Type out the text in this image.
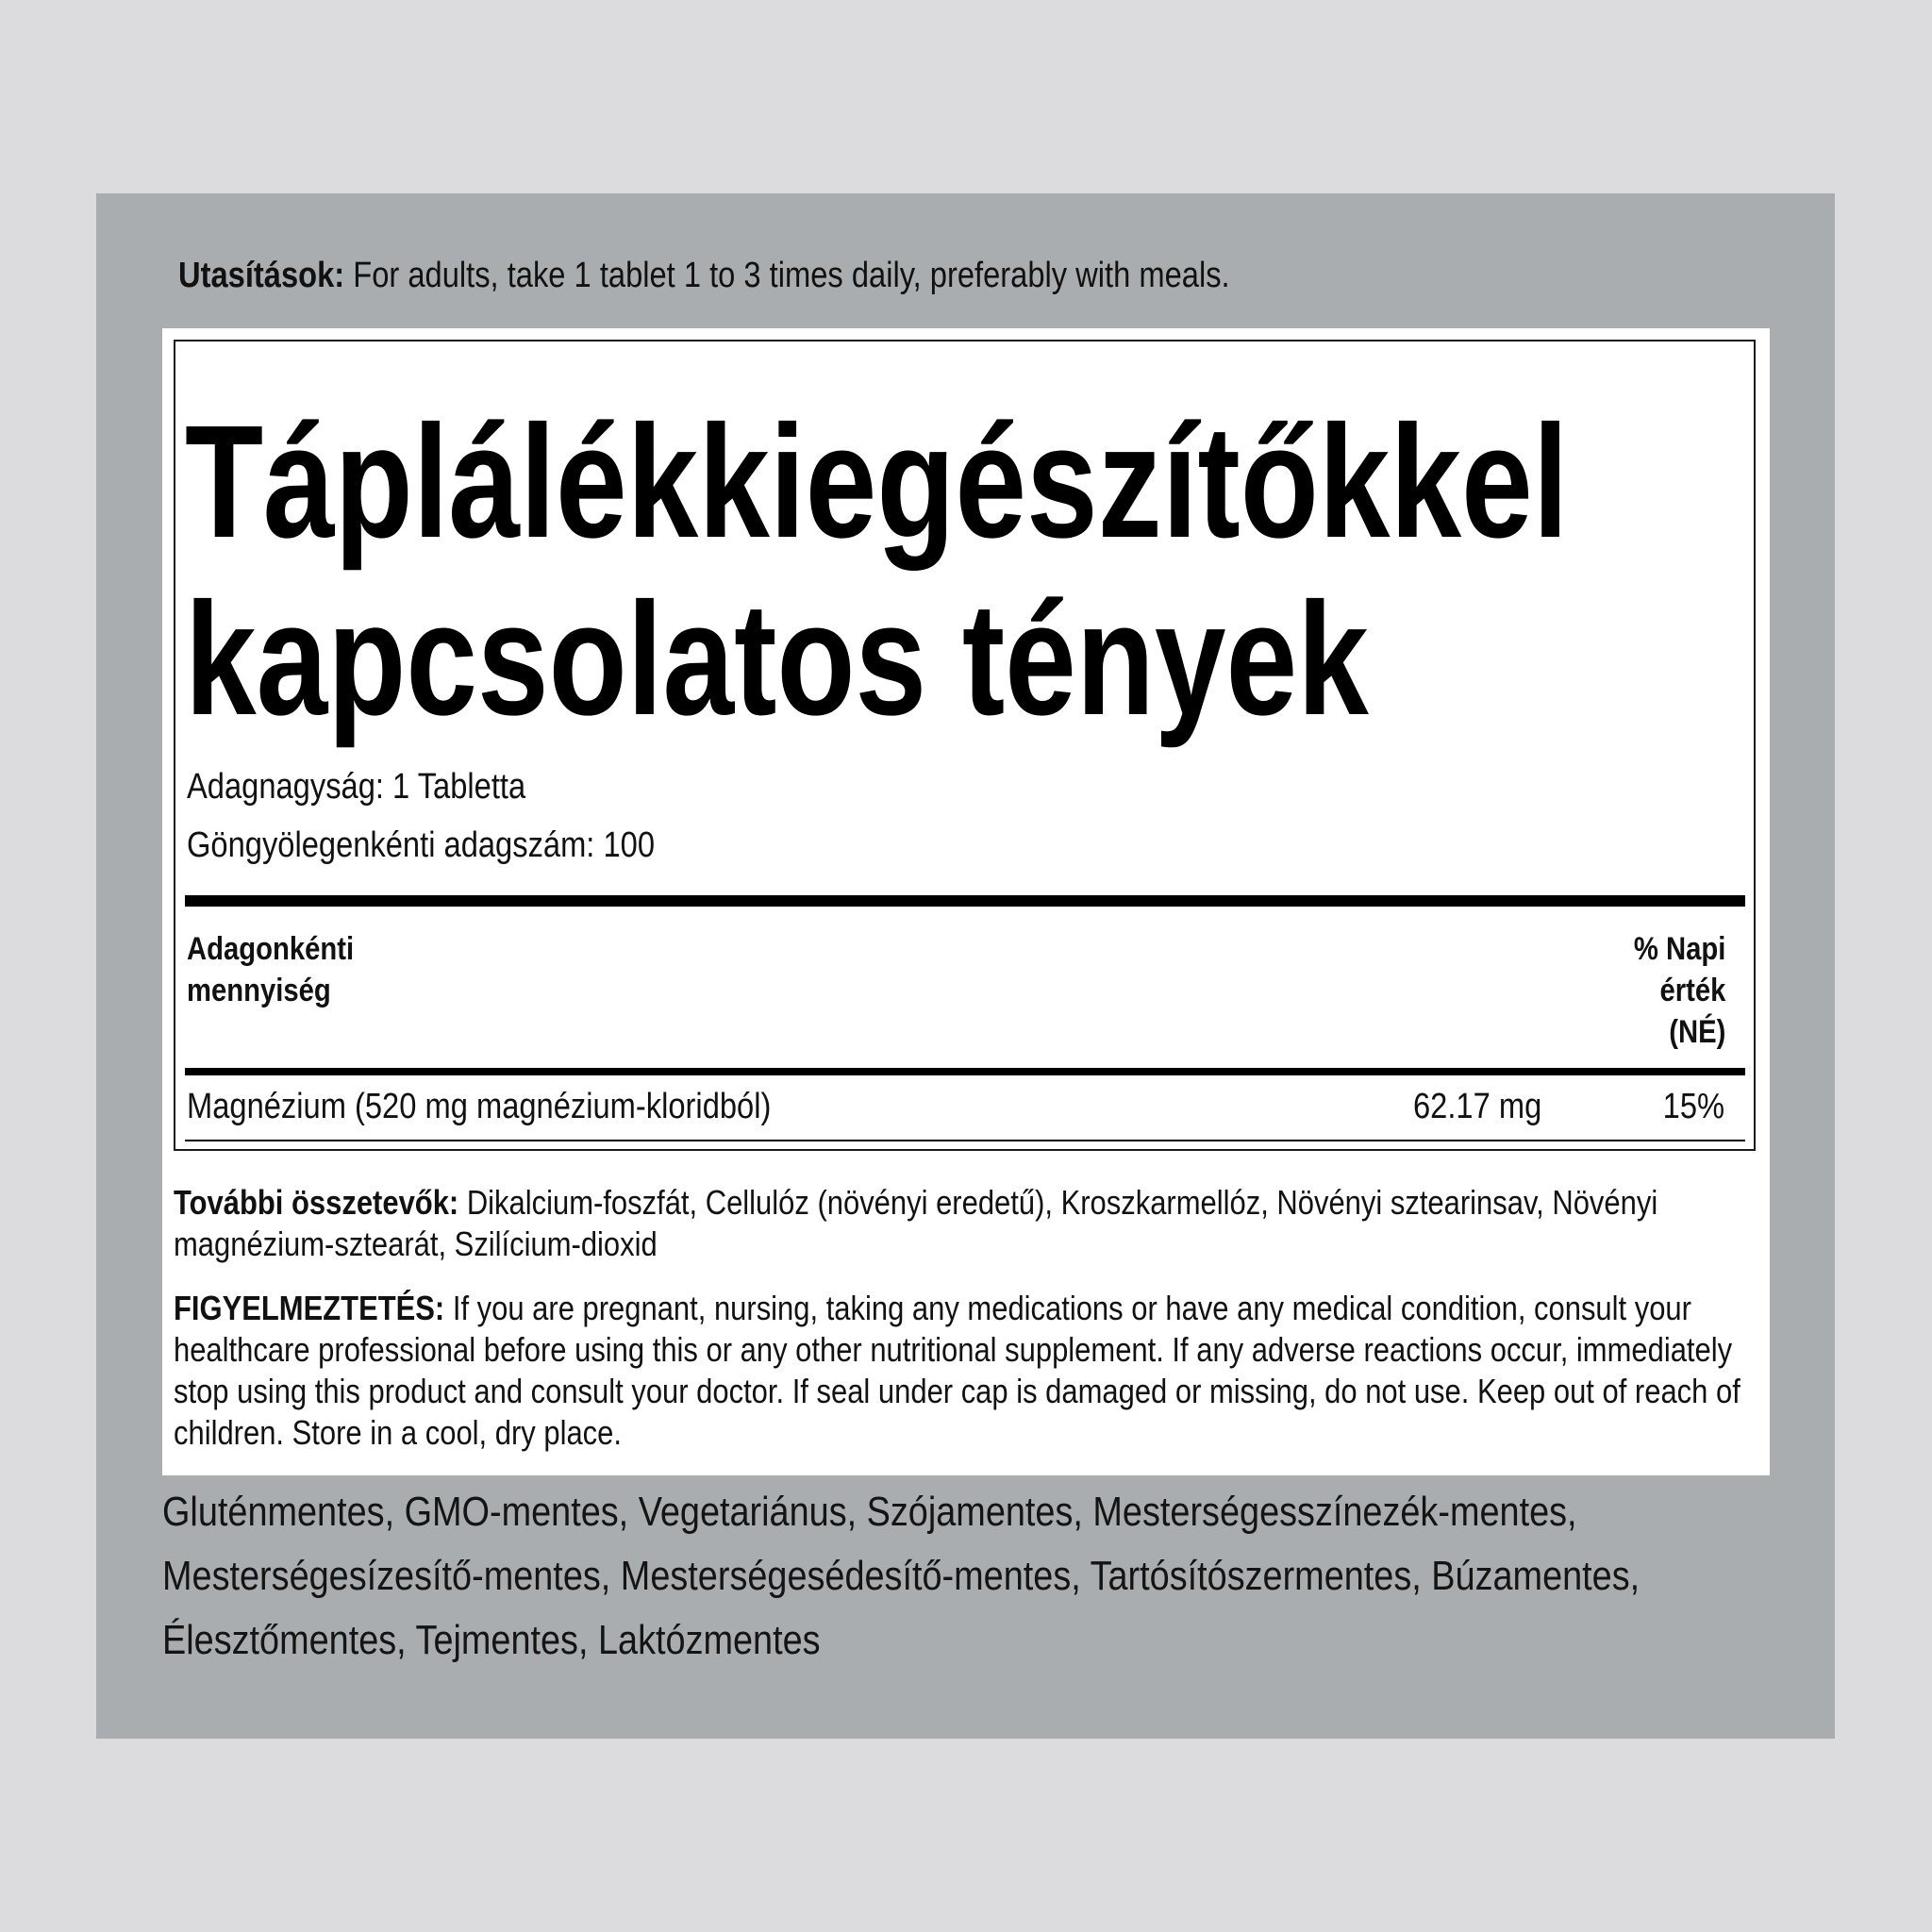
Utasítások: For adults, take 1 tablet 1 to 3 times daily, preferably with meals.
Táplálékkiegészítőkkel
kapcsolatos tények
Adagnagyság: 1 Tabletta
Göngyölegenkénti adagszám: 100
Adagonkénti
mennyiség
% Napi
érték
(NÉ)
Magnézium (520 mg magnézium-kloridból)	62.17 mg	15%
További összetevők: Dikalcium-foszfát, Cellulóz (növényi eredetű), Kroszkarmellóz, Növényi sztearinsav, Növényi magnézium-sztearát, Szilícium-dioxid
FIGYELMEZTETÉS: If you are pregnant, nursing, taking any medications or have any medical condition, consult your healthcare professional before using this or any other nutritional supplement. If any adverse reactions occur, immediately stop using this product and consult your doctor. If seal under cap is damaged or missing, do not use. Keep out of reach of children. Store in a cool, dry place.
Gluténmentes, GMO-mentes, Vegetariánus, Szójamentes, Mesterségesszínezék-mentes, Mesterségesízesítő-mentes, Mesterségesédesítő-mentes, Tartósítószermentes, Búzamentes, Élesztőmentes, Tejmentes, Laktózmentes
